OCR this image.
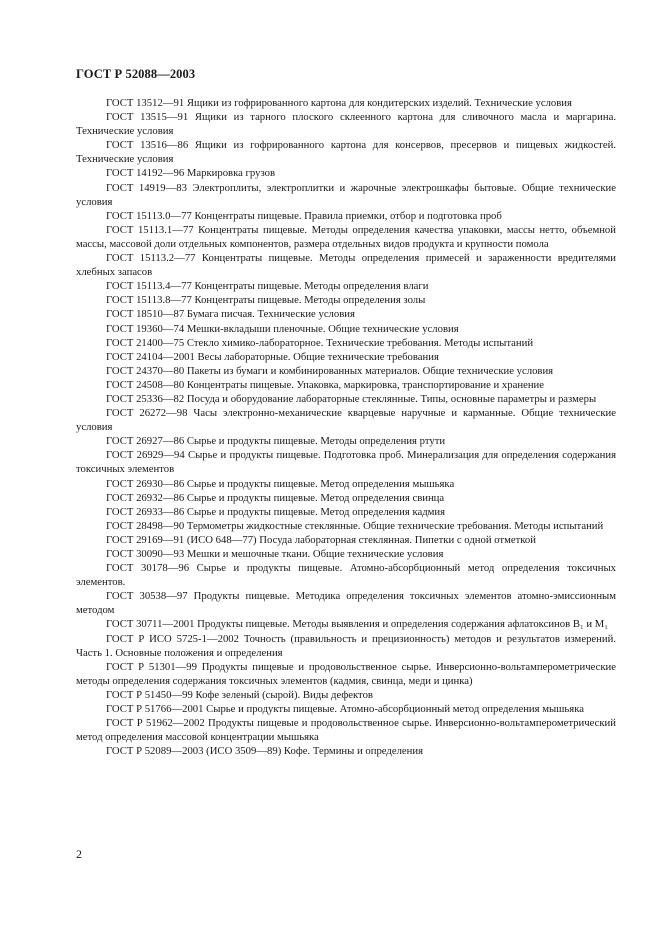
ГОСТ Р 52088—2003

ГОСТ 13512—91 Ящики из гофрированного картона для кондитерских изделий. Технические условия

ГОСТ 13515—91 Ящики из тарного плоского склеенного картона для сливочного масла и маргарина. Технические условия

ГОСТ 13516—86 Ящики из гофрированного картона для консервов, пресервов и пищевых жидкостей. Технические условия

ГОСТ 14192—96 Маркировка грузов

ГОСТ 14919—83 Электроплиты, электроплитки и жарочные электрошкафы бытовые. Общие технические условия

ГОСТ 15113.0—77 Концентраты пищевые. Правила приемки, отбор и подготовка проб

ГОСТ 15113.1—77 Концентраты пищевые. Методы определения качества упаковки, массы нетто, объемной массы, массовой доли отдельных компонентов, размера отдельных видов продукта и крупности помола

ГОСТ 15113.2—77 Концентраты пищевые. Методы определения примесей и зараженности вредителями хлебных запасов

ГОСТ 15113.4—77 Концентраты пищевые. Методы определения влаги

ГОСТ 15113.8—77 Концентраты пищевые. Методы определения золы

ГОСТ 18510—87 Бумага писчая. Технические условия

ГОСТ 19360—74 Мешки-вкладыши пленочные. Общие технические условия

ГОСТ 21400—75 Стекло химико-лабораторное. Технические требования. Методы испытаний

ГОСТ 24104—2001 Весы лабораторные. Общие технические требования

ГОСТ 24370—80 Пакеты из бумаги и комбинированных материалов. Общие технические условия

ГОСТ 24508—80 Концентраты пищевые. Упаковка, маркировка, транспортирование и хранение

ГОСТ 25336—82 Посуда и оборудование лабораторные стеклянные. Типы, основные параметры и размеры

ГОСТ 26272—98 Часы электронно-механические кварцевые наручные и карманные. Общие технические условия

ГОСТ 26927—86 Сырье и продукты пищевые. Методы определения ртути

ГОСТ 26929—94 Сырье и продукты пищевые. Подготовка проб. Минерализация для определения содержания токсичных элементов

ГОСТ 26930—86 Сырье и продукты пищевые. Метод определения мышьяка

ГОСТ 26932—86 Сырье и продукты пищевые. Метод определения свинца

ГОСТ 26933—86 Сырье и продукты пищевые. Метод определения кадмия

ГОСТ 28498—90 Термометры жидкостные стеклянные. Общие технические требования. Методы испытаний

ГОСТ 29169—91 (ИСО 648—77) Посуда лабораторная стеклянная. Пипетки с одной отметкой

ГОСТ 30090—93 Мешки и мешочные ткани. Общие технические условия

ГОСТ 30178—96 Сырье и продукты пищевые. Атомно-абсорбционный метод определения токсичных элементов.

ГОСТ 30538—97 Продукты пищевые. Методика определения токсичных элементов атомно-эмиссионным методом

ГОСТ 30711—2001 Продукты пищевые. Методы выявления и определения содержания афлатоксинов B₁ и M₁

ГОСТ Р ИСО 5725-1—2002 Точность (правильность и прецизионность) методов и результатов измерений. Часть 1. Основные положения и определения

ГОСТ Р 51301—99 Продукты пищевые и продовольственное сырье. Инверсионно-вольтамперометрические методы определения содержания токсичных элементов (кадмия, свинца, меди и цинка)

ГОСТ Р 51450—99 Кофе зеленый (сырой). Виды дефектов

ГОСТ Р 51766—2001 Сырье и продукты пищевые. Атомно-абсорбционный метод определения мышьяка

ГОСТ Р 51962—2002 Продукты пищевые и продовольственное сырье. Инверсионно-вольтамперометрический метод определения массовой концентрации мышьяка

ГОСТ Р 52089—2003 (ИСО 3509—89) Кофе. Термины и определения

2
